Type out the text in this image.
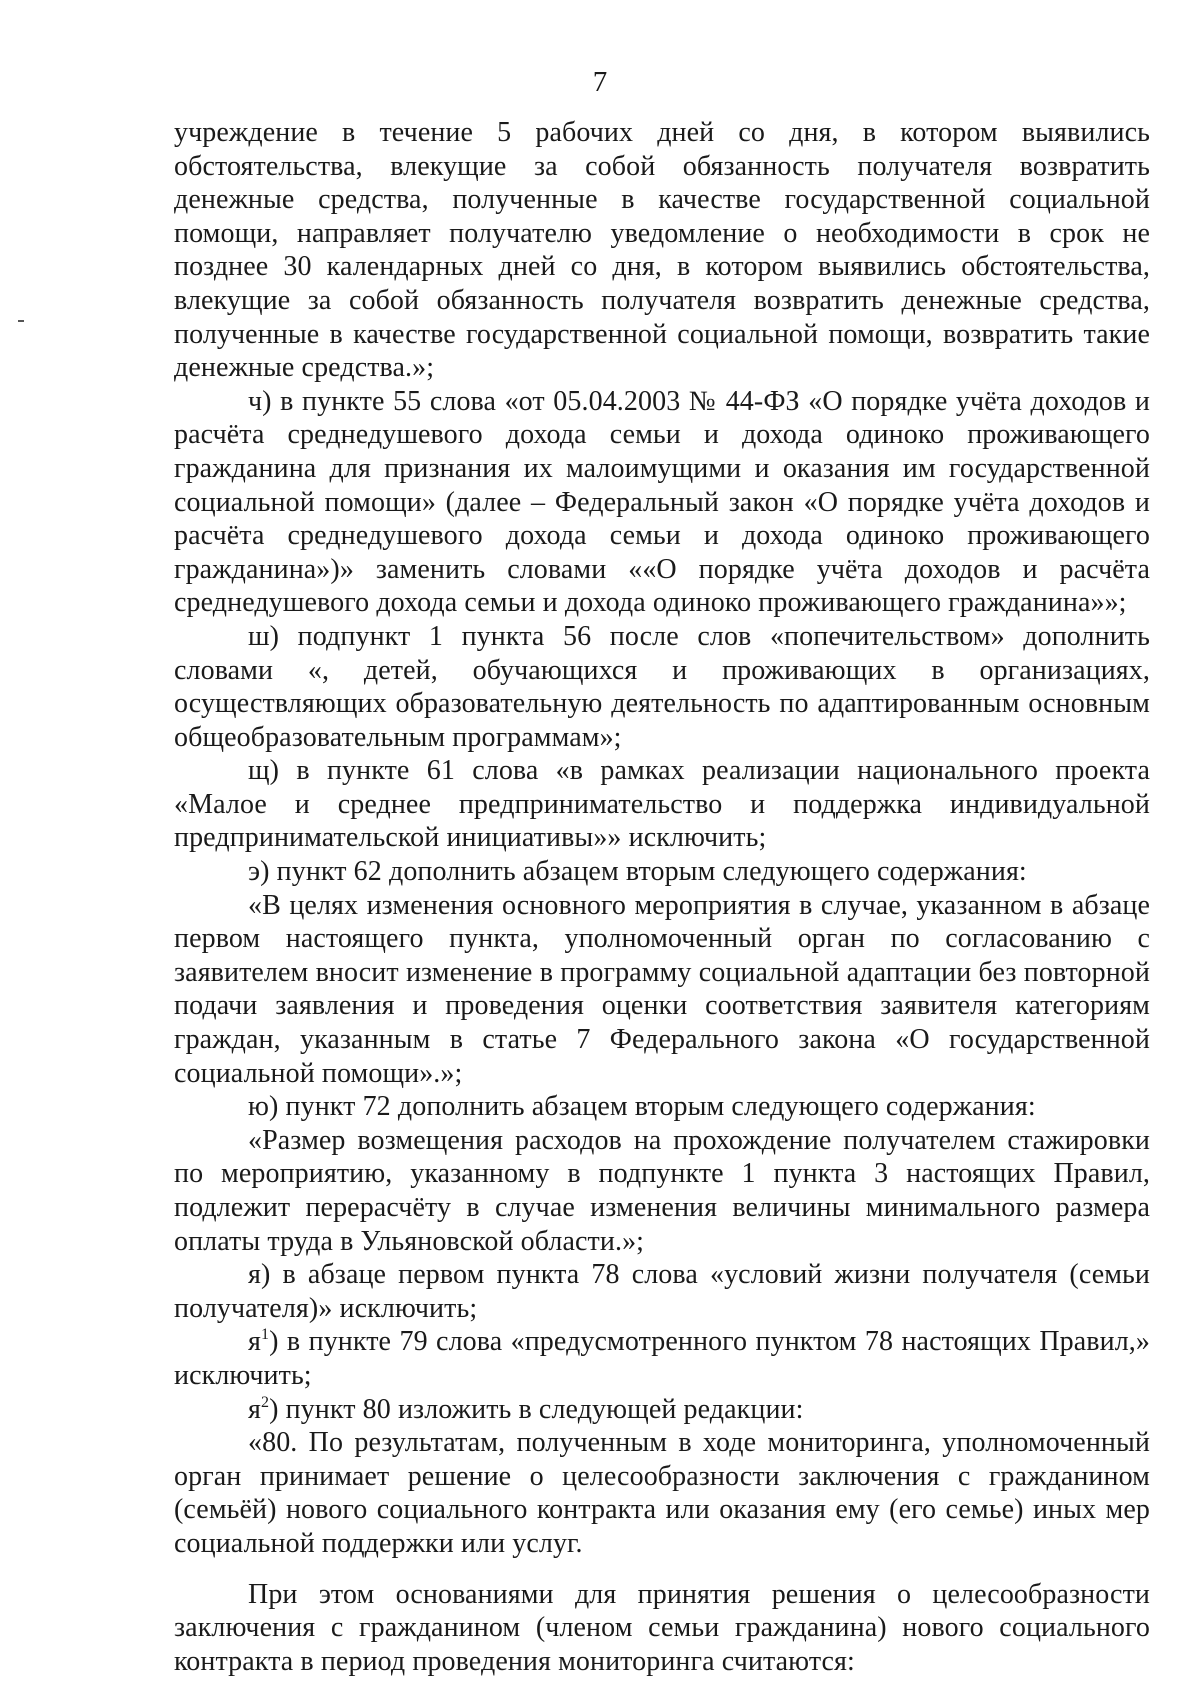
7

учреждение в течение 5 рабочих дней со дня, в котором выявились обстоятельства, влекущие за собой обязанность получателя возвратить денежные средства, полученные в качестве государственной социальной помощи, направляет получателю уведомление о необходимости в срок не позднее 30 календарных дней со дня, в котором выявились обстоятельства, влекущие за собой обязанность получателя возвратить денежные средства, полученные в качестве государственной социальной помощи, возвратить такие денежные средства.»;

ч) в пункте 55 слова «от 05.04.2003 № 44-ФЗ «О порядке учёта доходов и расчёта среднедушевого дохода семьи и дохода одиноко проживающего гражданина для признания их малоимущими и оказания им государственной социальной помощи» (далее – Федеральный закон «О порядке учёта доходов и расчёта среднедушевого дохода семьи и дохода одиноко проживающего гражданина»)» заменить словами ««О порядке учёта доходов и расчёта среднедушевого дохода семьи и дохода одиноко проживающего гражданина»»;

ш) подпункт 1 пункта 56 после слов «попечительством» дополнить словами «, детей, обучающихся и проживающих в организациях, осуществляющих образовательную деятельность по адаптированным основным общеобразовательным программам»;

щ) в пункте 61 слова «в рамках реализации национального проекта «Малое и среднее предпринимательство и поддержка индивидуальной предпринимательской инициативы»» исключить;

э) пункт 62 дополнить абзацем вторым следующего содержания:

«В целях изменения основного мероприятия в случае, указанном в абзаце первом настоящего пункта, уполномоченный орган по согласованию с заявителем вносит изменение в программу социальной адаптации без повторной подачи заявления и проведения оценки соответствия заявителя категориям граждан, указанным в статье 7 Федерального закона «О государственной социальной помощи».»;

ю) пункт 72 дополнить абзацем вторым следующего содержания:

«Размер возмещения расходов на прохождение получателем стажировки по мероприятию, указанному в подпункте 1 пункта 3 настоящих Правил, подлежит перерасчёту в случае изменения величины минимального размера оплаты труда в Ульяновской области.»;

я) в абзаце первом пункта 78 слова «условий жизни получателя (семьи получателя)» исключить;

$я^1$) в пункте 79 слова «предусмотренного пунктом 78 настоящих Правил,» исключить;

$я^2$) пункт 80 изложить в следующей редакции:

«80. По результатам, полученным в ходе мониторинга, уполномоченный орган принимает решение о целесообразности заключения с гражданином (семьёй) нового социального контракта или оказания ему (его семье) иных мер социальной поддержки или услуг.

При этом основаниями для принятия решения о целесообразности заключения с гражданином (членом семьи гражданина) нового социального контракта в период проведения мониторинга считаются:
